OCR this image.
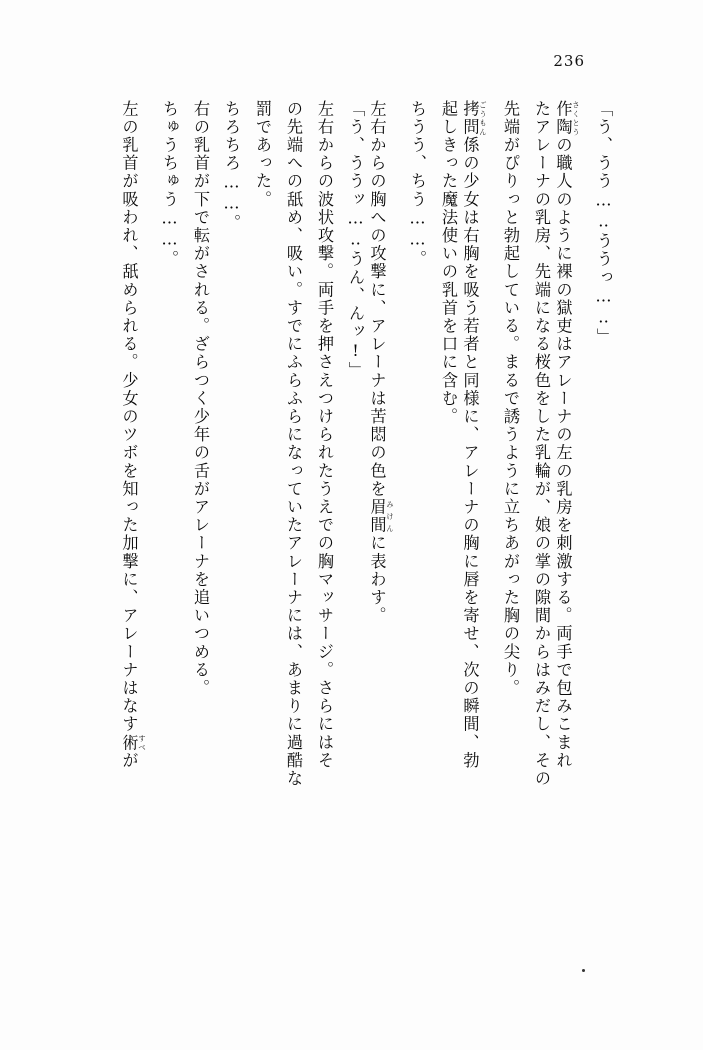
236
「う、うう…‥ううっ…‥」
作陶 さくとうの職人のように裸の獄吏はアレーナの左の乳房を刺激する。両手で包みこまれ
たアレーナの乳房、先端になる桜色をした乳輪が、娘の掌の隙間からはみだし、その
先端がぴりっと勃起している。まるで誘うように立ちあがった胸の尖り。
拷問 ごうもん係の少女は右胸を吸う若者と同様に、アレーナの胸に唇を寄せ、次の瞬間、勃
起しきった魔法使いの乳首を口に含む。
ちうう、ちう……。
左右からの胸への攻撃に、アレーナは苦悶の色を眉間 みけんに表わす。
「う、ううッ…‥うん、んッ!」
左右からの波状攻撃。両手を押さえつけられたうえでの胸マッサージ。さらにはそ
の先端への舐め、吸い。すでにふらふらになっていたアレーナには、あまりに過酷な
罰であった。
ちろちろ……。
右の乳首が下で転がされる。ざらつく少年の舌がアレーナを追いつめる。
ちゅうちゅう……。
左の乳首が吸われ、舐められる。少女のツボを知った加撃に、アレーナはなす術 すべが
